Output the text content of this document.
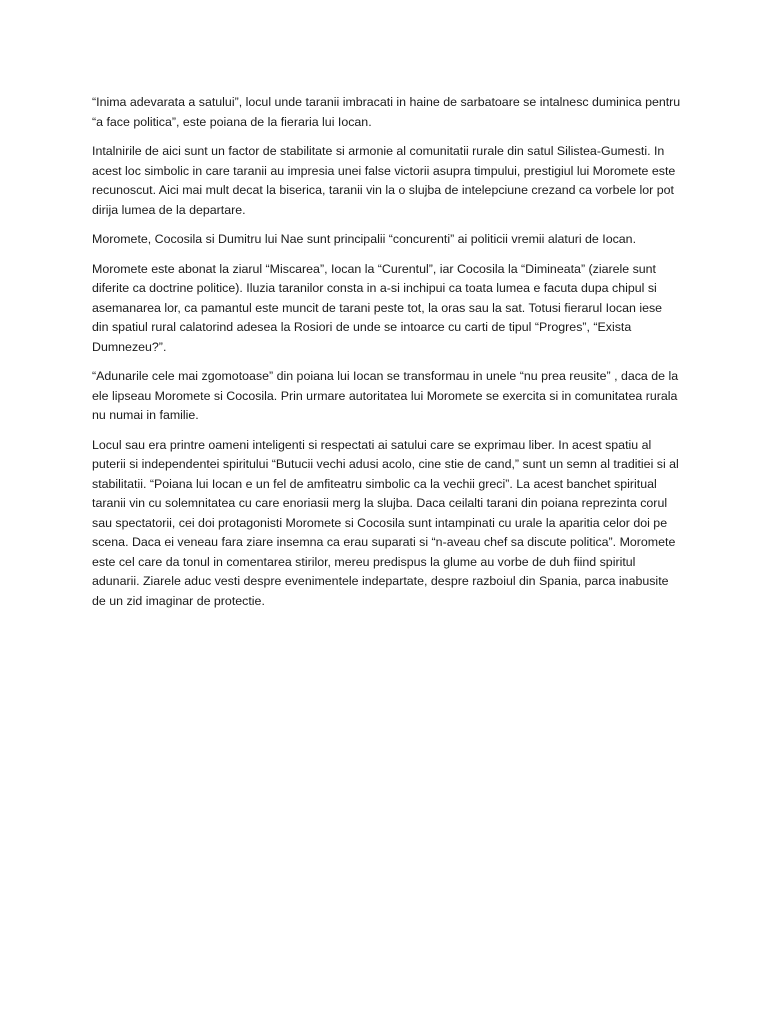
“Inima adevarata a satului”, locul unde taranii imbracati in haine de sarbatoare se intalnesc duminica pentru “a face politica”, este poiana de la fieraria lui Iocan.

Intalnirile de aici sunt un factor de stabilitate si armonie al comunitatii rurale din satul Silistea-Gumesti. In acest loc simbolic in care taranii au impresia unei false victorii asupra timpului, prestigiul lui Moromete este recunoscut. Aici mai mult decat la biserica, taranii vin la o slujba de intelepciune crezand ca vorbele lor pot dirija lumea de la departare.

Moromete, Cocosila si Dumitru lui Nae sunt principalii “concurenti” ai politicii vremii alaturi de Iocan.

Moromete este abonat la ziarul “Miscarea”, Iocan la “Curentul”, iar Cocosila la “Dimineata” (ziarele sunt diferite ca doctrine politice). Iluzia taranilor consta in a-si inchipui ca toata lumea e facuta dupa chipul si asemanarea lor, ca pamantul este muncit de tarani peste tot, la oras sau la sat. Totusi fierarul Iocan iese din spatiul rural calatorind adesea la Rosiori de unde se intoarce cu carti de tipul “Progres”, “Exista Dumnezeu?”.

“Adunarile cele mai zgomotoase” din poiana lui Iocan se transformau in unele “nu prea reusite” , daca de la ele lipseau Moromete si Cocosila. Prin urmare autoritatea lui Moromete se exercita si in comunitatea rurala nu numai in familie.

Locul sau era printre oameni inteligenti si respectati ai satului care se exprimau liber. In acest spatiu al puterii si independentei spiritului “Butucii vechi adusi acolo, cine stie de cand,” sunt un semn al traditiei si al stabilitatii. “Poiana lui Iocan e un fel de amfiteatru simbolic ca la vechii greci”. La acest banchet spiritual taranii vin cu solemnitatea cu care enoriasii merg la slujba. Daca ceilalti tarani din poiana reprezinta corul sau spectatorii, cei doi protagonisti Moromete si Cocosila sunt intampinati cu urale la aparitia celor doi pe scena. Daca ei veneau fara ziare insemna ca erau suparati si “n-aveau chef sa discute politica”. Moromete este cel care da tonul in comentarea stirilor, mereu predispus la glume au vorbe de duh fiind spiritul adunarii. Ziarele aduc vesti despre evenimentele indepartate, despre razboiul din Spania, parca inabusite de un zid imaginar de protectie.
